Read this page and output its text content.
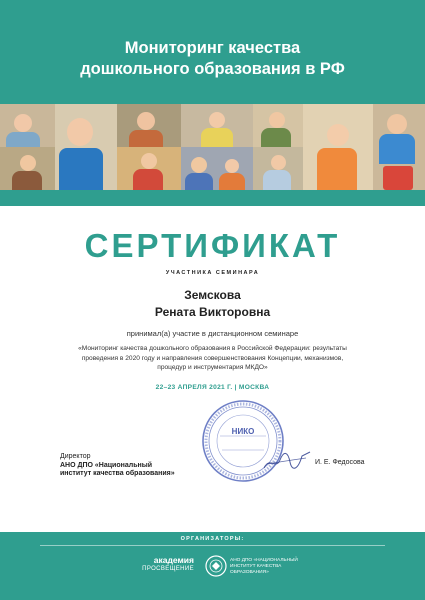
Мониторинг качества
дошкольного образования в РФ
СЕРТИФИКАТ
УЧАСТНИКА СЕМИНАРА
Земскова
Рената Викторовна
принимал(а) участие в дистанционном семинаре
«Мониторинг качества дошкольного образования в Российской Федерации: результаты проведения в 2020 году и направления совершенствования Концепции, механизмов, процедур и инструментария МКДО»
22–23 АПРЕЛЯ 2021 Г. | МОСКВА
Директор
АНО ДПО «Национальный
институт качества образования»
НИКО
И. Е. Федосова
ОРГАНИЗАТОРЫ:
академия
ПРОСВЕЩЕНИЕ
АНО ДПО «НАЦИОНАЛЬНЫЙ ИНСТИТУТ КАЧЕСТВА ОБРАЗОВАНИЯ»
